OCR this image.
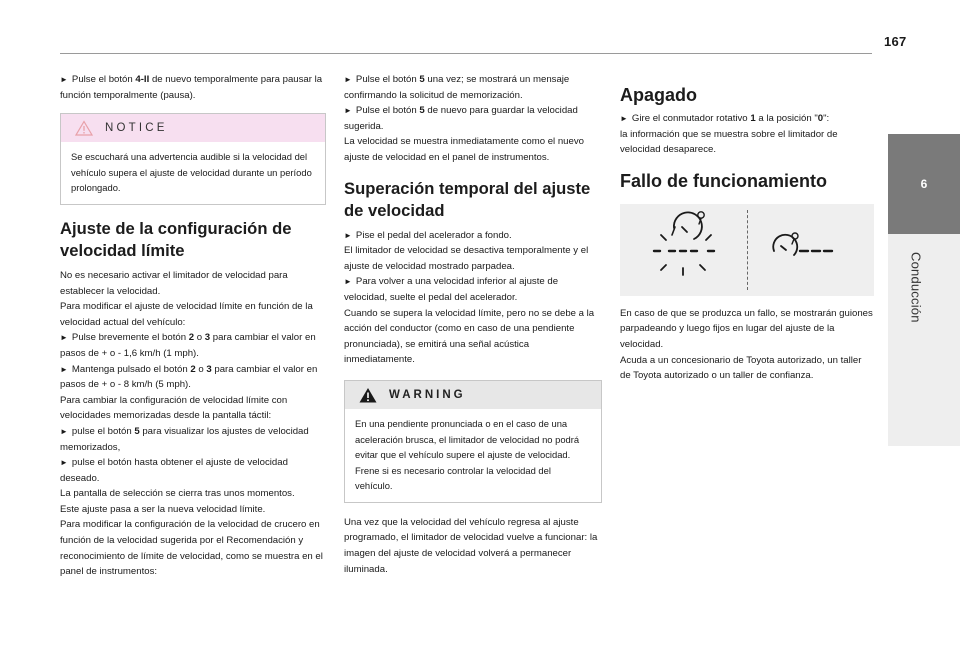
167
6
Conducción

► Pulse el botón 4-II de nuevo temporalmente para pausar la función temporalmente (pausa).

NOTICE

Se escuchará una advertencia audible si la velocidad del vehículo supera el ajuste de velocidad durante un período prolongado.

Ajuste de la configuración de velocidad límite

No es necesario activar el limitador de velocidad para establecer la velocidad.

Para modificar el ajuste de velocidad límite en función de la velocidad actual del vehículo:

► Pulse brevemente el botón 2 o 3 para cambiar el valor en pasos de + o - 1,6 km/h (1 mph).

► Mantenga pulsado el botón 2 o 3 para cambiar el valor en pasos de + o - 8 km/h (5 mph).

Para cambiar la configuración de velocidad límite con velocidades memorizadas desde la pantalla táctil:

► pulse el botón 5 para visualizar los ajustes de velocidad memorizados,

► pulse el botón hasta obtener el ajuste de velocidad deseado.

La pantalla de selección se cierra tras unos momentos.

Este ajuste pasa a ser la nueva velocidad límite.

Para modificar la configuración de la velocidad de crucero en función de la velocidad sugerida por el Recomendación y reconocimiento de límite de velocidad, como se muestra en el panel de instrumentos:

► Pulse el botón 5 una vez; se mostrará un mensaje confirmando la solicitud de memorización.

► Pulse el botón 5 de nuevo para guardar la velocidad sugerida.

La velocidad se muestra inmediatamente como el nuevo ajuste de velocidad en el panel de instrumentos.

Superación temporal del ajuste de velocidad

► Pise el pedal del acelerador a fondo.

El limitador de velocidad se desactiva temporalmente y el ajuste de velocidad mostrado parpadea.

► Para volver a una velocidad inferior al ajuste de velocidad, suelte el pedal del acelerador.

Cuando se supera la velocidad límite, pero no se debe a la acción del conductor (como en caso de una pendiente pronunciada), se emitirá una señal acústica inmediatamente.

WARNING

En una pendiente pronunciada o en el caso de una aceleración brusca, el limitador de velocidad no podrá evitar que el vehículo supere el ajuste de velocidad.

Frene si es necesario controlar la velocidad del vehículo.

Una vez que la velocidad del vehículo regresa al ajuste programado, el limitador de velocidad vuelve a funcionar: la imagen del ajuste de velocidad volverá a permanecer iluminada.

Apagado

► Gire el conmutador rotativo 1 a la posición "0":

la información que se muestra sobre el limitador de velocidad desaparece.

Fallo de funcionamiento

En caso de que se produzca un fallo, se mostrarán guiones parpadeando y luego fijos en lugar del ajuste de la velocidad.

Acuda a un concesionario de Toyota autorizado, un taller de Toyota autorizado o un taller de confianza.
